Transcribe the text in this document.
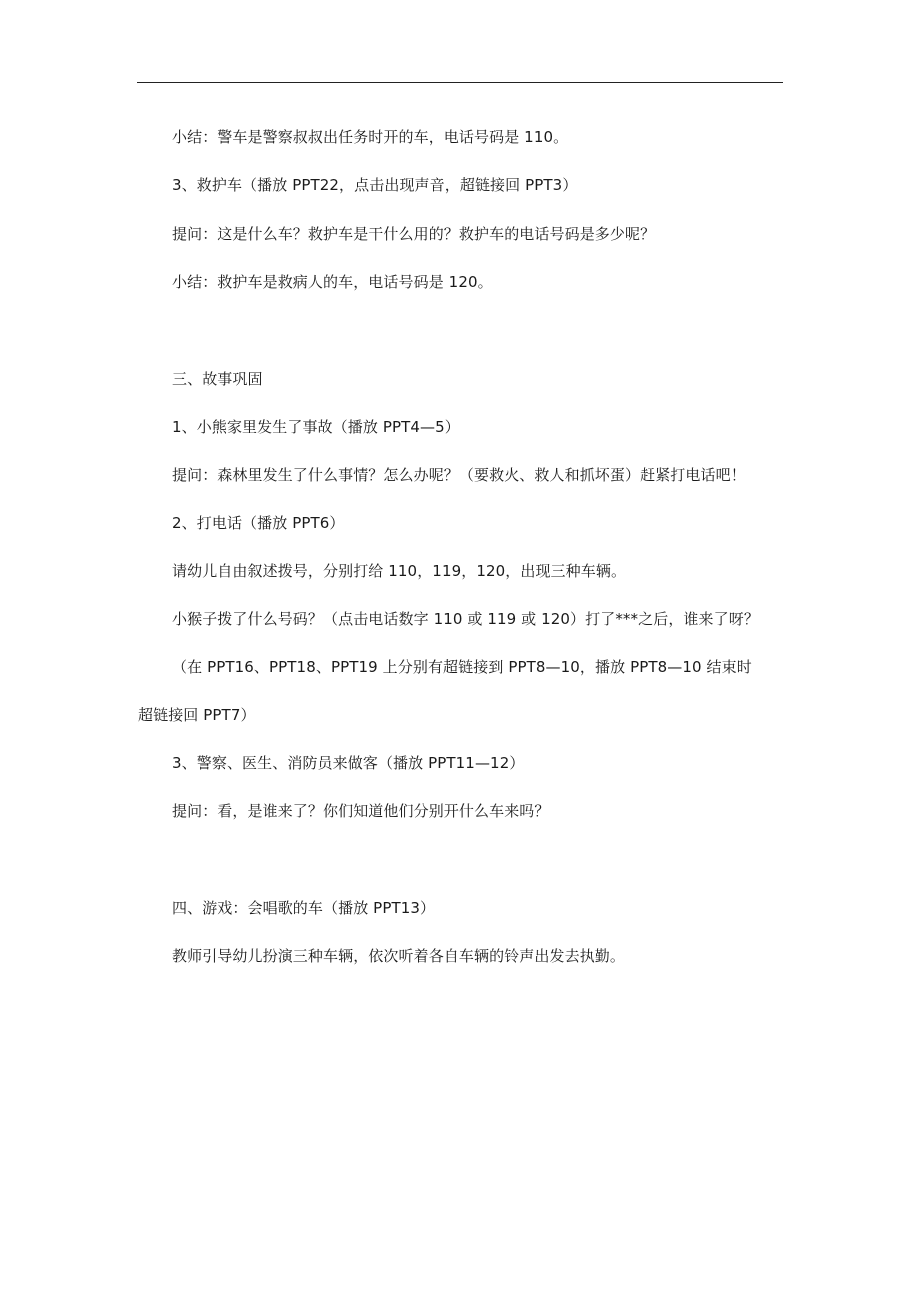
小结：警车是警察叔叔出任务时开的车，电话号码是 110。
3、救护车（播放 PPT22，点击出现声音，超链接回 PPT3）
提问：这是什么车？救护车是干什么用的？救护车的电话号码是多少呢？
小结：救护车是救病人的车，电话号码是 120。
三、故事巩固
1、小熊家里发生了事故（播放 PPT4—5）
提问：森林里发生了什么事情？怎么办呢？（要救火、救人和抓坏蛋）赶紧打电话吧！
2、打电话（播放 PPT6）
请幼儿自由叙述拨号，分别打给 110，119，120，出现三种车辆。
小猴子拨了什么号码？（点击电话数字 110 或 119 或 120）打了***之后，谁来了呀？
（在 PPT16、PPT18、PPT19 上分别有超链接到 PPT8—10，播放 PPT8—10 结束时
超链接回 PPT7）
3、警察、医生、消防员来做客（播放 PPT11—12）
提问：看，是谁来了？你们知道他们分别开什么车来吗？
四、游戏：会唱歌的车（播放 PPT13）
教师引导幼儿扮演三种车辆，依次听着各自车辆的铃声出发去执勤。
